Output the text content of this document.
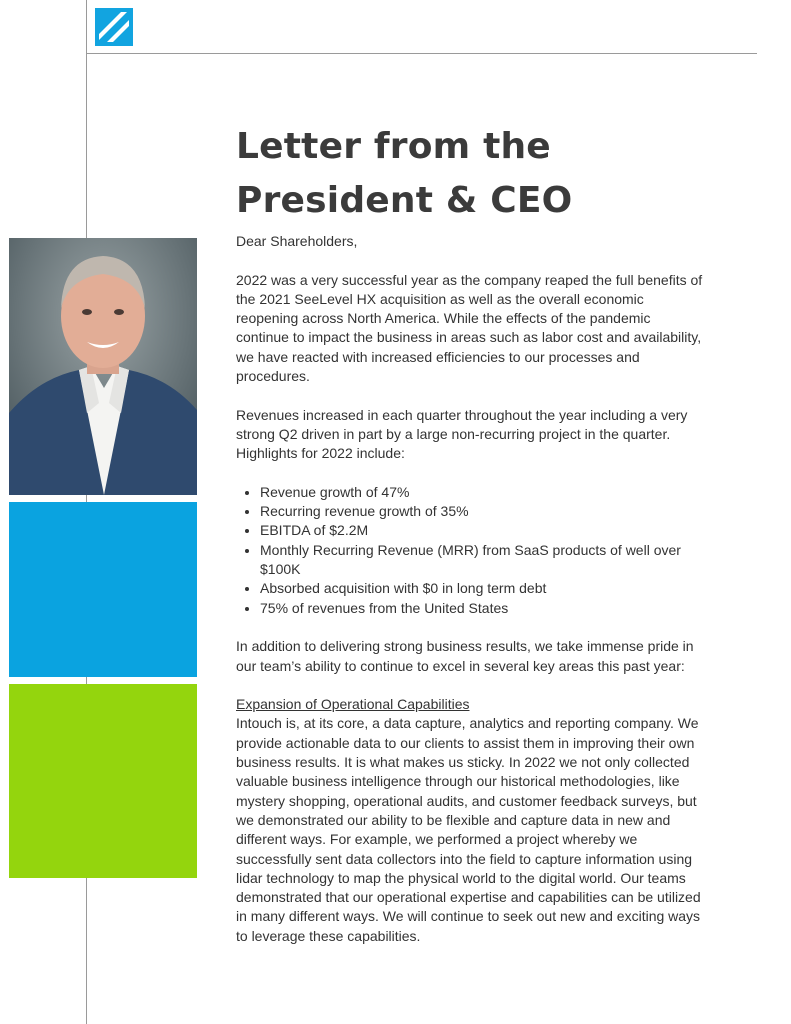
Letter from the
President & CEO

Dear Shareholders,

2022 was a very successful year as the company reaped the full benefits of the 2021 SeeLevel HX acquisition as well as the overall economic reopening across North America. While the effects of the pandemic continue to impact the business in areas such as labor cost and availability, we have reacted with increased efficiencies to our processes and procedures.

Revenues increased in each quarter throughout the year including a very strong Q2 driven in part by a large non-recurring project in the quarter. Highlights for 2022 include:

• Revenue growth of 47%
• Recurring revenue growth of 35%
• EBITDA of $2.2M
• Monthly Recurring Revenue (MRR) from SaaS products of well over $100K
• Absorbed acquisition with $0 in long term debt
• 75% of revenues from the United States

In addition to delivering strong business results, we take immense pride in our team’s ability to continue to excel in several key areas this past year:

Expansion of Operational Capabilities
Intouch is, at its core, a data capture, analytics and reporting company. We provide actionable data to our clients to assist them in improving their own business results. It is what makes us sticky. In 2022 we not only collected valuable business intelligence through our historical methodologies, like mystery shopping, operational audits, and customer feedback surveys, but we demonstrated our ability to be flexible and capture data in new and different ways. For example, we performed a project whereby we successfully sent data collectors into the field to capture information using lidar technology to map the physical world to the digital world. Our teams demonstrated that our operational expertise and capabilities can be utilized in many different ways. We will continue to seek out new and exciting ways to leverage these capabilities.
